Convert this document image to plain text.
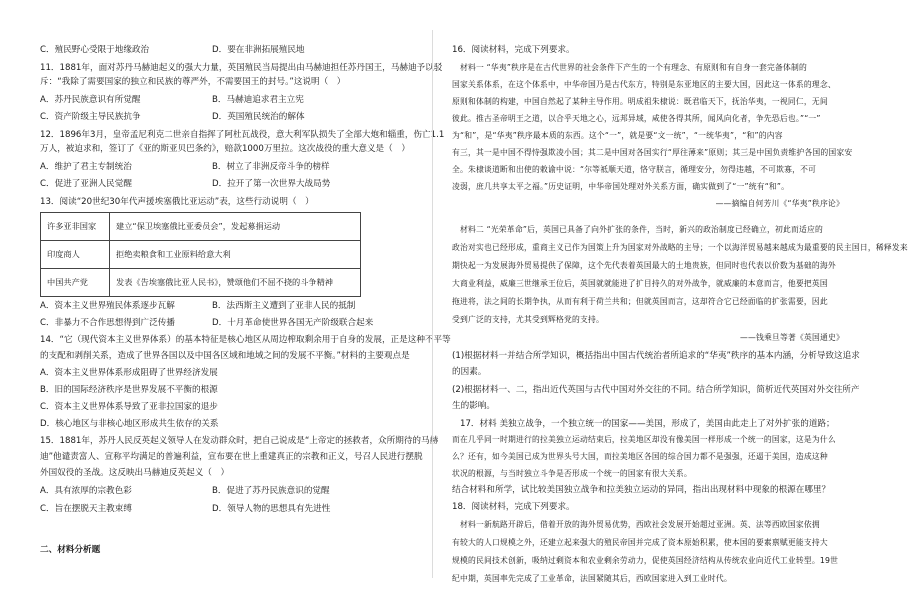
C．殖民野心受限于地缘政治	D．要在非洲拓展殖民地
11．1881年，面对苏丹马赫迪起义的强大力量，英国殖民当局提出由马赫迪担任苏丹国王，马赫迪予以驳
斥：“我除了需要国家的独立和民族的尊严外，不需要国王的封号。”这说明（　）
A．苏丹民族意识有所觉醒	B．马赫迪追求君主立宪
C．资产阶级主导民族抗争	D．英国殖民统治的解体
12．1896年3月，皇帝孟尼利克二世亲自指挥了阿杜瓦战役，意大利军队损失了全部大炮和辎重，伤亡1.1
万人，被迫求和，签订了《亚的斯亚贝巴条约》，赔款1000万里拉。这次战役的重大意义是（　）
A．维护了君主专制统治	B．树立了非洲反帝斗争的榜样
C．促进了亚洲人民觉醒	D．拉开了第一次世界大战局势
13．阅读“20世纪30年代声援埃塞俄比亚运动”表，这些行动说明（　）
A．资本主义世界殖民体系逐步瓦解	B．法西斯主义遭到了亚非人民的抵制
C．非暴力不合作思想得到广泛传播	D．十月革命使世界各国无产阶级联合起来
14．“它（现代资本主义世界体系）的基本特征是核心地区从周边榨取剩余用于自身的发展，正是这种不平等
的支配和剥削关系，造成了世界各国以及中国各区域和地域之间的发展不平衡。”材料的主要观点是
A．资本主义世界体系形成阻碍了世界经济发展
B．旧的国际经济秩序是世界发展不平衡的根源
C．资本主义世界体系导致了亚非拉国家的退步
D．核心地区与非核心地区形成共生依存的关系
15．1881年，苏丹人民反英起义领导人在发动群众时，把自己说成是“上帝定的拯救者，众所期待的马赫
迪”他谴责富人、宣称平均满足的普遍利益，宣布要在世上重建真正的宗教和正义，号召人民进行摆脱
外国奴役的圣战。这反映出马赫迪反英起义（　）
A．具有浓厚的宗教色彩	B．促进了苏丹民族意识的觉醒
C．旨在摆脱天主教束缚	D．领导人物的思想具有先进性
许多亚非国家	建立“保卫埃塞俄比亚委员会”，发起募捐运动
印度商人	拒绝卖粮食和工业原料给意大利
中国共产党	发表《告埃塞俄比亚人民书》，赞颂他们不屈不挠的斗争精神
二、材料分析题
16．阅读材料，完成下列要求。
材料一 “华夷”秩序是在古代世界的社会条件下产生的一个有理念、有原则和有自身一套完备体制的
国家关系体系，在这个体系中，中华帝国乃是古代东方，特别是东亚地区的主要大国，因此这一体系的理念、
原则和体制的构建，中国自然起了某种主导作用。明成祖朱棣说：既君临天下，抚治华夷，一视同仁，无间
彼此。推古圣帝明王之道，以合乎天地之心，远邦异域，咸使各得其所，闻风向化者，争先恐后也。”“一”
为“和”，是“华夷”秩序最本质的东西。这个“一”，就是要“文一统”，“一统华夷”，“和”的内容
有三，其一是中国不得恃强欺凌小国；其二是中国对各国实行“厚往薄来”原则；其三是中国负责维护各国的国家安
全。朱棣谈道断和出使的敕谕中说：“尔等祗顺天道，恪守朕言，循理安分，勿得违越，不可欺寡，不可
凌弱，庶几共享太平之福。”历史证明，中华帝国处理对外关系方面，确实做到了“一”统有“和”。
——摘编自何芳川《“华夷”秩序论》
材料二 “光荣革命”后，英国已具备了向外扩张的条件，当时，新兴的政治制度已经确立，初此而适应的
政治对实也已经形成，重商主义已作为国策上升为国家对外战略的主导；一个以海洋贸易越来越成为最重要的民主国日，稀释发来
期快起一为发展海外贸易提供了保障，这个先代表着英国最大的土地贵族，但同时也代表以价数为基础的海外
大商业利益，威廉三世继承王位后，英国就就能进了扩目持久的对外战争，就威廉的本意而言，他要把英国
拖进将，法之间的长期争执，从而有利于荷兰共和；但就英国而言，这却符合它已经面临的扩张需要，因此
受到广泛的支持，尤其受到辉格党的支持。
——钱乘旦等著《英国通史》
(1)根据材料一并结合所学知识，概括指出中国古代统治者所追求的“华夷”秩序的基本内涵，分析导致这追求
的因素。
(2)根据材料一、二，指出近代英国与古代中国对外交往的不同。结合所学知识，简析近代英国对外交往所产
生的影响。
17．材料 美独立战争，一个独立统一的国家——美国，形成了，美国由此走上了对外扩张的道路；
而在几乎同一时期进行的拉美独立运动结束后，拉美地区却没有像美国一样形成一个统一的国家，这是为什么
么？还有，如今美国已成为世界头号大国，而拉美地区各国的综合国力都不是强强，还逼于美国，造成这种
状况的根源，与当时独立斗争是否形成一个统一的国家有很大关系。
结合材料和所学，试比较美国独立战争和拉美独立运动的异同，指出出现材料中现象的根源在哪里？
18．阅读材料，完成下列要求。
材料一新航路开辟后，借着开放的海外贸易优势，西欧社会发展开始超过亚洲。英、法等西欧国家依拥
有较大的人口规模之外，还建立起来强大的殖民帝国并完成了资本原始积累，使本国的要素禀赋更能支持大
规模的民间技术创新，吸纳过剩资本和农业剩余劳动力，促使英国经济结构从传统农业向近代工业转型。19世
纪中期，英国率先完成了工业革命，法国紧随其后，西欧国家进入到工业时代。
